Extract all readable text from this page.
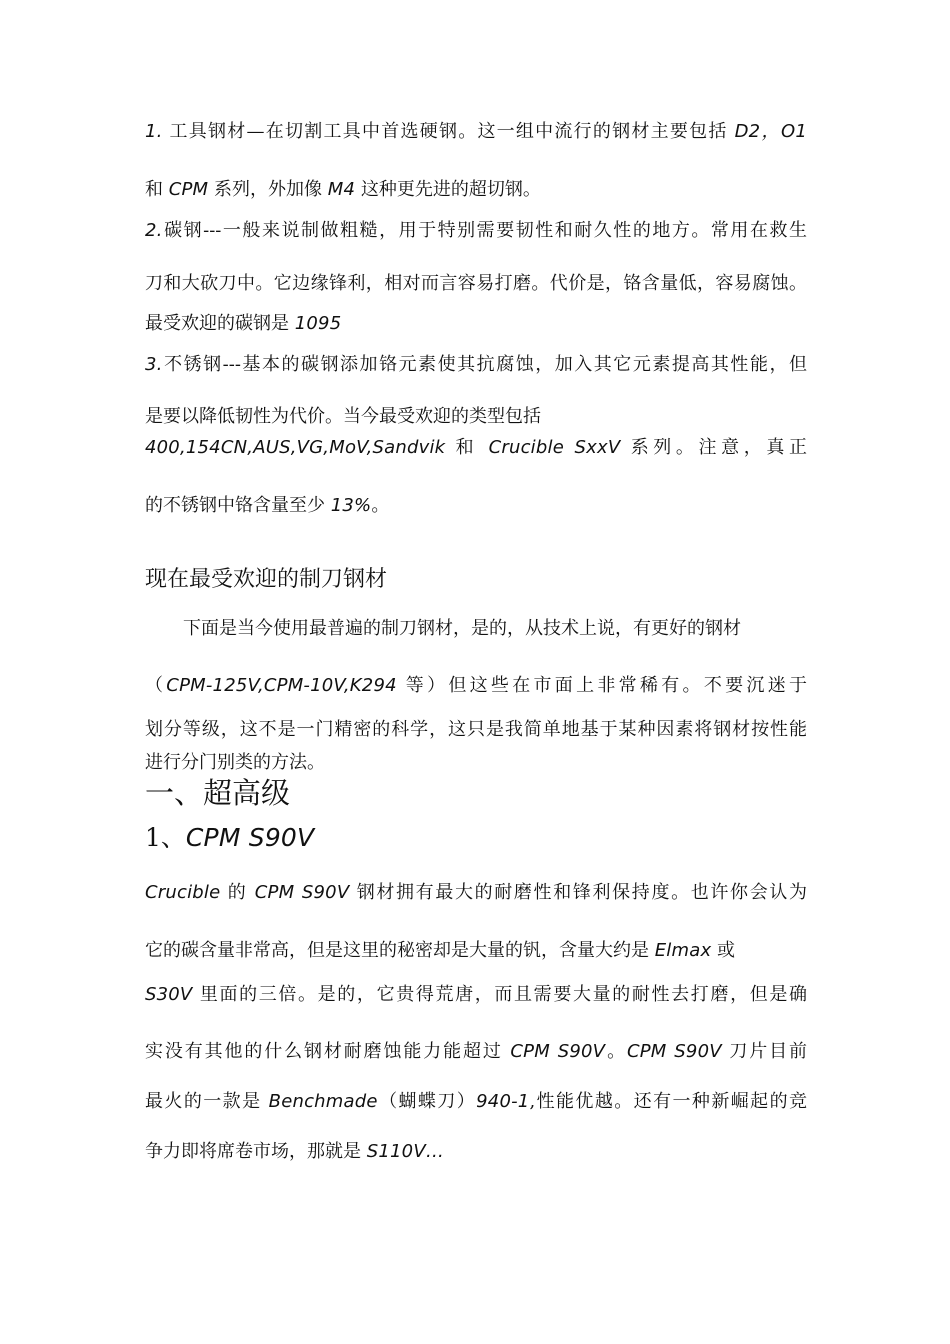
1. 工具钢材—在切割工具中首选硬钢。这一组中流行的钢材主要包括 D2，O1
和 CPM 系列，外加像 M4 这种更先进的超切钢。
2.碳钢---一般来说制做粗糙，用于特别需要韧性和耐久性的地方。常用在救生
刀和大砍刀中。它边缘锋利，相对而言容易打磨。代价是，铬含量低，容易腐蚀。
最受欢迎的碳钢是 1095
3.不锈钢---基本的碳钢添加铬元素使其抗腐蚀，加入其它元素提高其性能，但
是要以降低韧性为代价。当今最受欢迎的类型包括
400,154CN,AUS,VG,MoV,Sandvik 和 Crucible SxxV 系列。注意，真正
的不锈钢中铬含量至少 13%。
现在最受欢迎的制刀钢材
下面是当今使用最普遍的制刀钢材，是的，从技术上说，有更好的钢材
（CPM-125V,CPM-10V,K294 等）但这些在市面上非常稀有。不要沉迷于
划分等级，这不是一门精密的科学，这只是我简单地基于某种因素将钢材按性能
进行分门别类的方法。
一、超高级
1、CPM S90V
Crucible 的 CPM S90V 钢材拥有最大的耐磨性和锋利保持度。也许你会认为
它的碳含量非常高，但是这里的秘密却是大量的钒，含量大约是 Elmax 或
S30V 里面的三倍。是的，它贵得荒唐，而且需要大量的耐性去打磨，但是确
实没有其他的什么钢材耐磨蚀能力能超过 CPM S90V。CPM S90V 刀片目前
最火的一款是 Benchmade（蝴蝶刀）940-1,性能优越。还有一种新崛起的竞
争力即将席卷市场，那就是 S110V…
